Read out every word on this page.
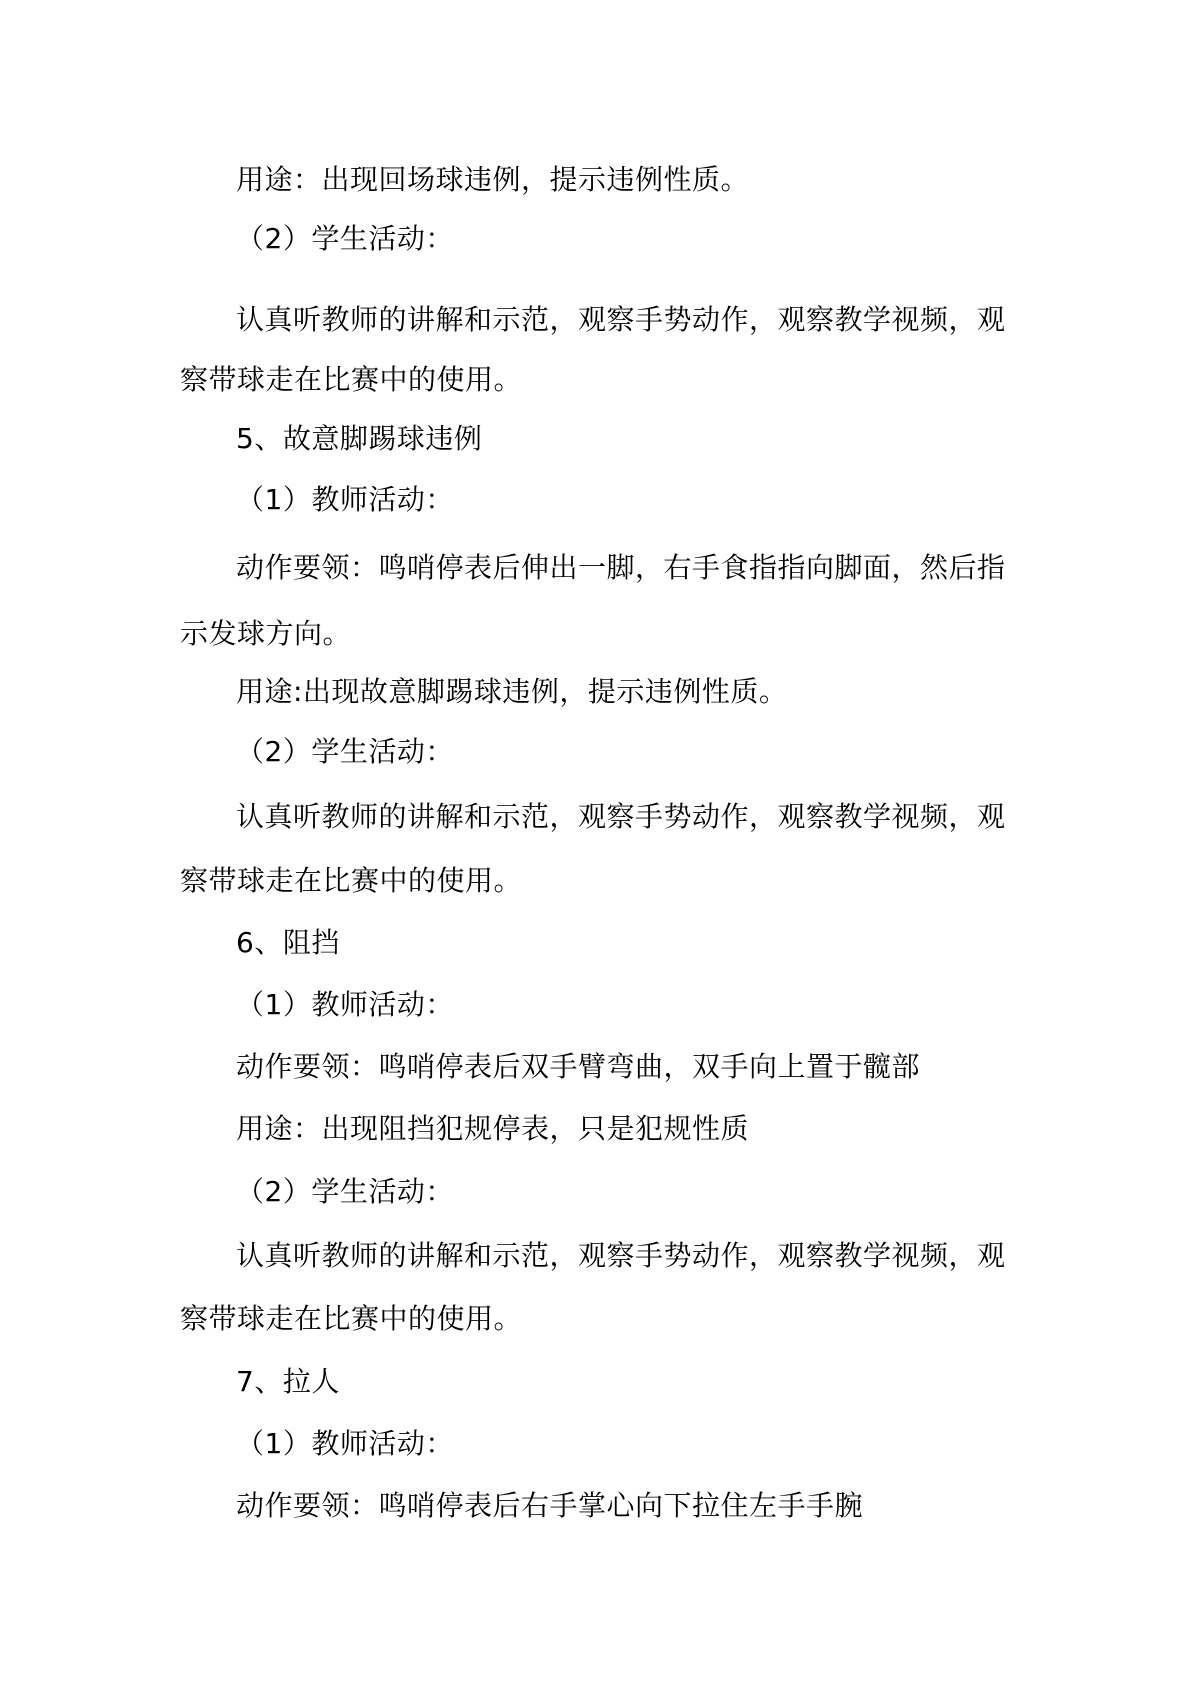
用途：出现回场球违例，提示违例性质。
（2）学生活动：
认真听教师的讲解和示范，观察手势动作，观察教学视频，观
察带球走在比赛中的使用。
5、故意脚踢球违例
（1）教师活动：
动作要领：鸣哨停表后伸出一脚，右手食指指向脚面，然后指
示发球方向。
用途:出现故意脚踢球违例，提示违例性质。
（2）学生活动：
认真听教师的讲解和示范，观察手势动作，观察教学视频，观
察带球走在比赛中的使用。
6、阻挡
（1）教师活动：
动作要领：鸣哨停表后双手臂弯曲，双手向上置于髋部
用途：出现阻挡犯规停表，只是犯规性质
（2）学生活动：
认真听教师的讲解和示范，观察手势动作，观察教学视频，观
察带球走在比赛中的使用。
7、拉人
（1）教师活动：
动作要领：鸣哨停表后右手掌心向下拉住左手手腕
